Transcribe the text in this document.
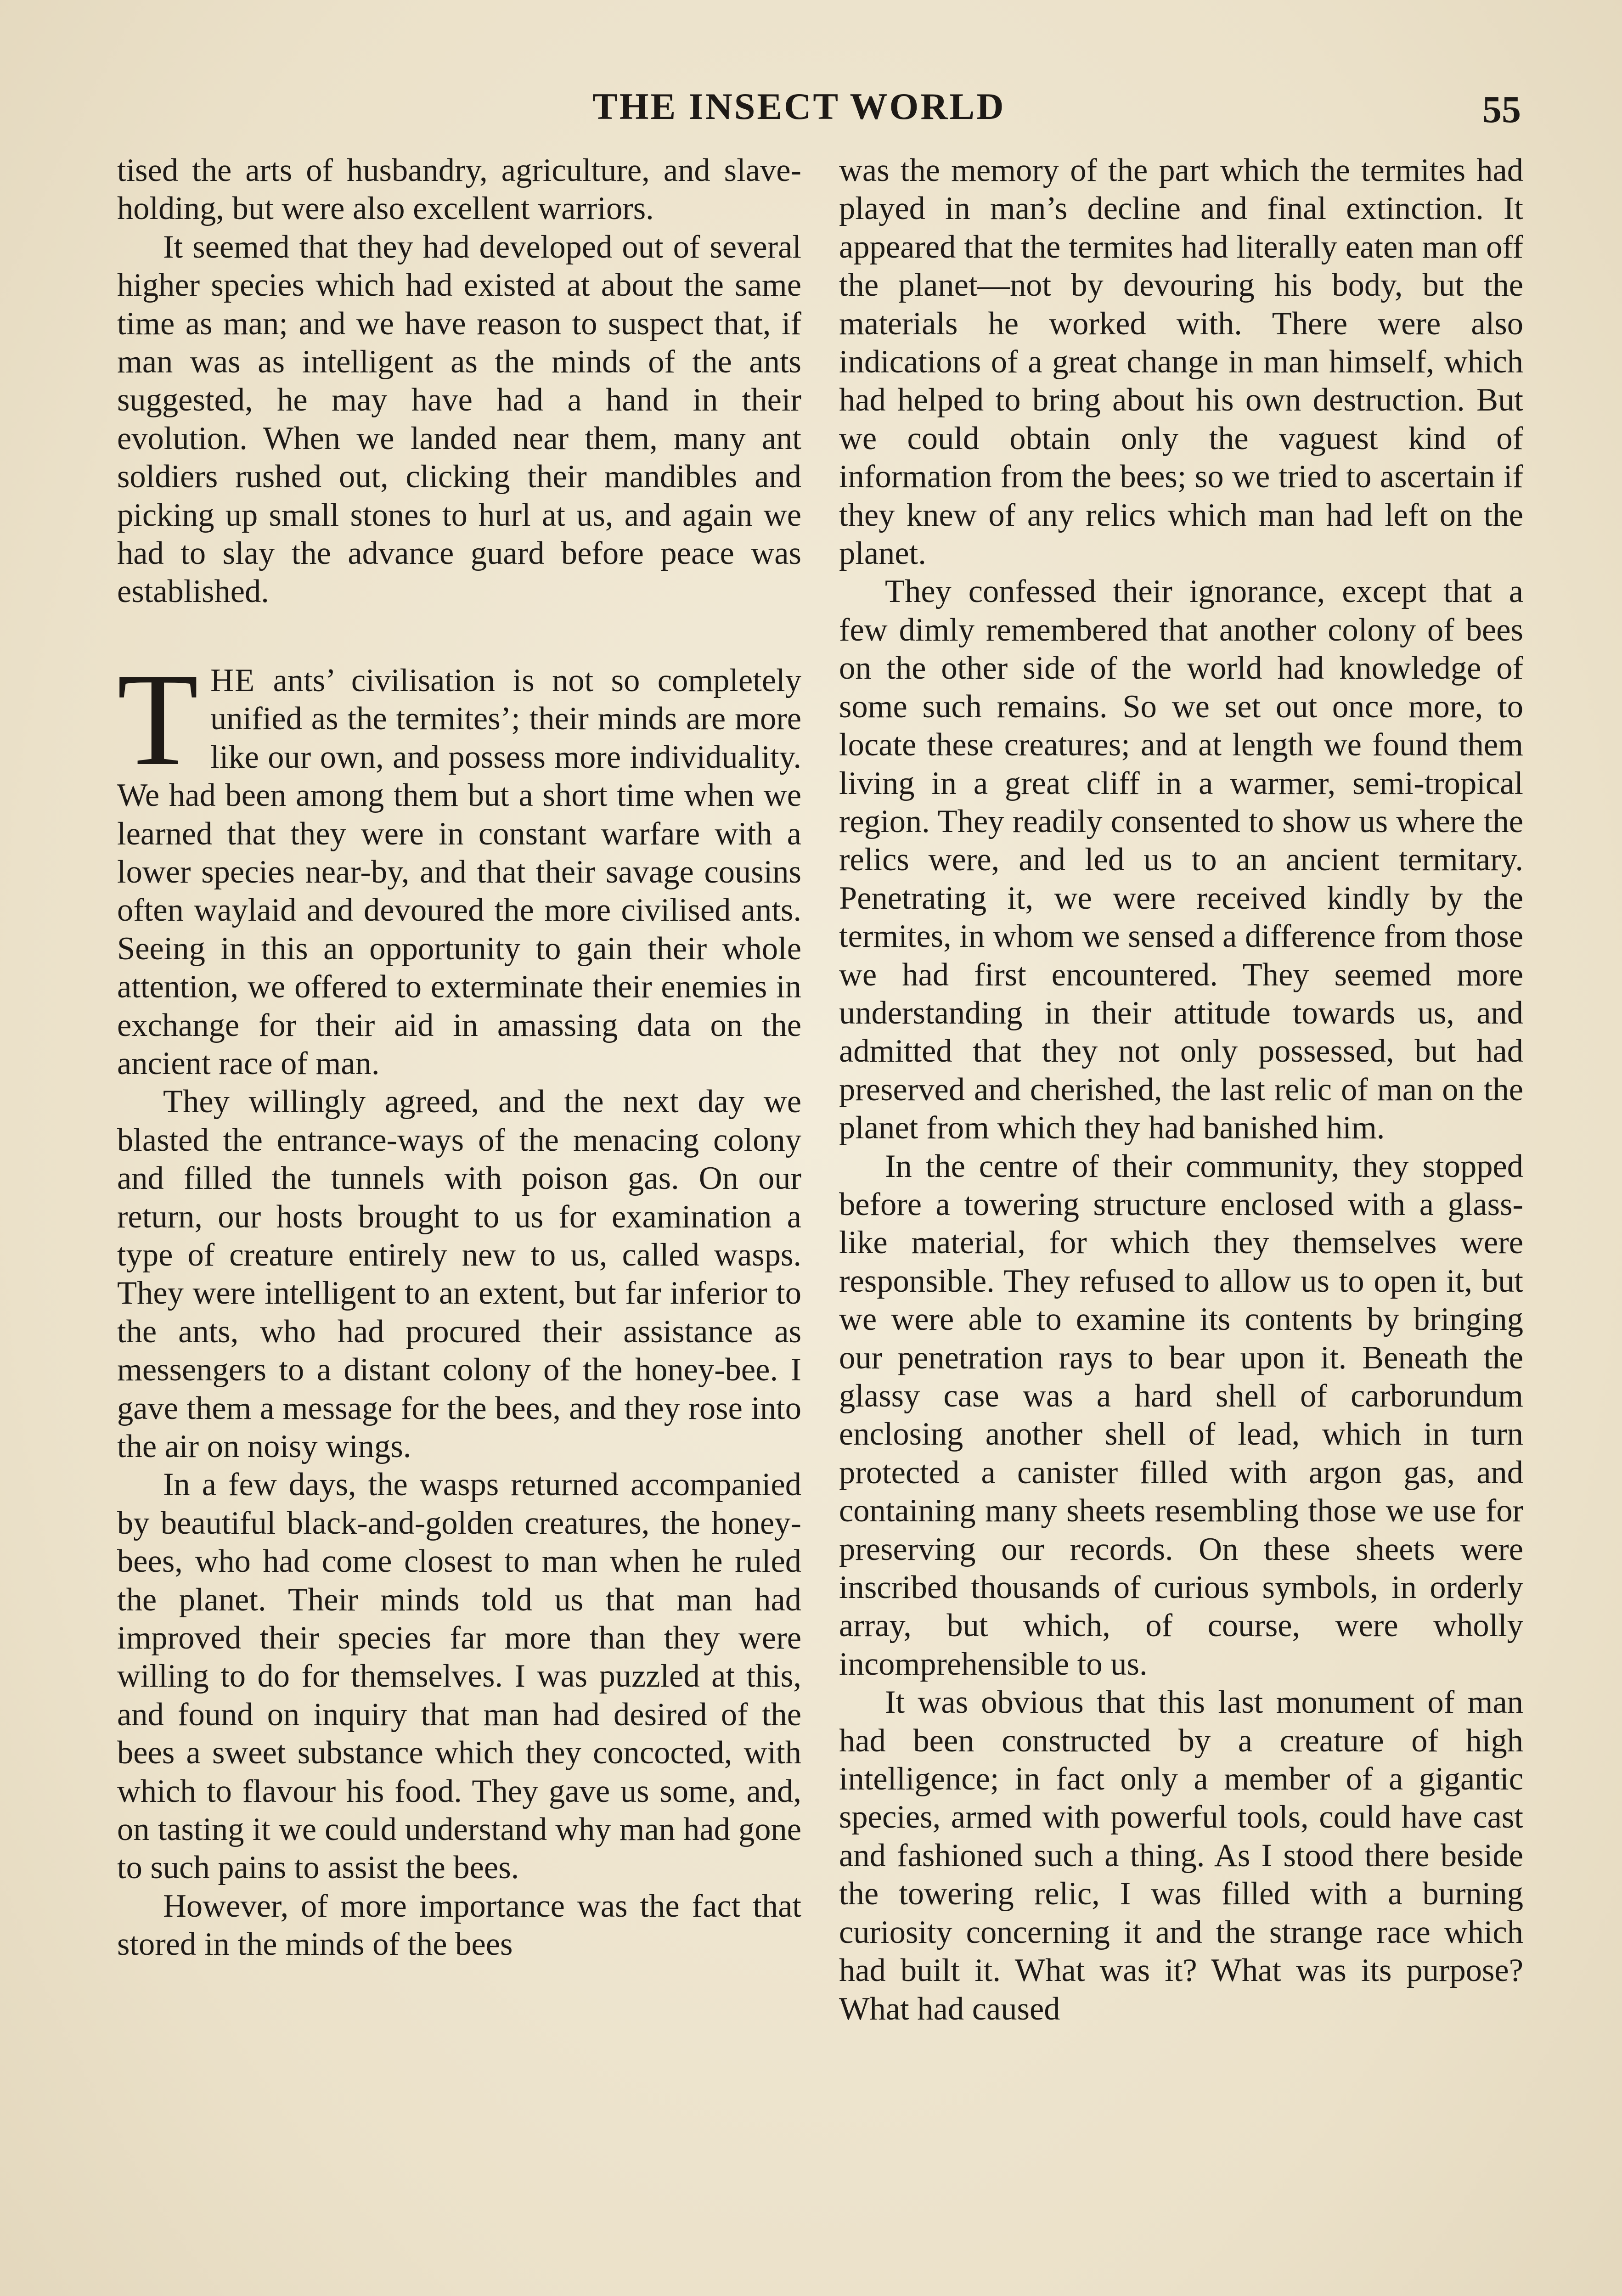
THE INSECT WORLD	55

tised the arts of husbandry, agriculture, and slave-holding, but were also excellent warriors.

It seemed that they had developed out of several higher species which had existed at about the same time as man; and we have reason to suspect that, if man was as intelligent as the minds of the ants suggested, he may have had a hand in their evolution. When we landed near them, many ant soldiers rushed out, clicking their mandibles and picking up small stones to hurl at us, and again we had to slay the advance guard before peace was established.

THE ants’ civilisation is not so completely unified as the termites’; their minds are more like our own, and possess more individuality. We had been among them but a short time when we learned that they were in constant warfare with a lower species near-by, and that their savage cousins often waylaid and devoured the more civilised ants. Seeing in this an opportunity to gain their whole attention, we offered to exterminate their enemies in exchange for their aid in amassing data on the ancient race of man.

They willingly agreed, and the next day we blasted the entrance-ways of the menacing colony and filled the tunnels with poison gas. On our return, our hosts brought to us for examination a type of creature entirely new to us, called wasps. They were intelligent to an extent, but far inferior to the ants, who had procured their assistance as messengers to a distant colony of the honey-bee. I gave them a message for the bees, and they rose into the air on noisy wings.

In a few days, the wasps returned accompanied by beautiful black-and-golden creatures, the honey-bees, who had come closest to man when he ruled the planet. Their minds told us that man had improved their species far more than they were willing to do for themselves. I was puzzled at this, and found on inquiry that man had desired of the bees a sweet substance which they concocted, with which to flavour his food. They gave us some, and, on tasting it we could understand why man had gone to such pains to assist the bees.

However, of more importance was the fact that stored in the minds of the bees

was the memory of the part which the termites had played in man’s decline and final extinction. It appeared that the termites had literally eaten man off the planet—not by devouring his body, but the materials he worked with. There were also indications of a great change in man himself, which had helped to bring about his own destruction. But we could obtain only the vaguest kind of information from the bees; so we tried to ascertain if they knew of any relics which man had left on the planet.

They confessed their ignorance, except that a few dimly remembered that another colony of bees on the other side of the world had knowledge of some such remains. So we set out once more, to locate these creatures; and at length we found them living in a great cliff in a warmer, semi-tropical region. They readily consented to show us where the relics were, and led us to an ancient termitary. Penetrating it, we were received kindly by the termites, in whom we sensed a difference from those we had first encountered. They seemed more understanding in their attitude towards us, and admitted that they not only possessed, but had preserved and cherished, the last relic of man on the planet from which they had banished him.

In the centre of their community, they stopped before a towering structure enclosed with a glass-like material, for which they themselves were responsible. They refused to allow us to open it, but we were able to examine its contents by bringing our penetration rays to bear upon it. Beneath the glassy case was a hard shell of carborundum enclosing another shell of lead, which in turn protected a canister filled with argon gas, and containing many sheets resembling those we use for preserving our records. On these sheets were inscribed thousands of curious symbols, in orderly array, but which, of course, were wholly incomprehensible to us.

It was obvious that this last monument of man had been constructed by a creature of high intelligence; in fact only a member of a gigantic species, armed with powerful tools, could have cast and fashioned such a thing. As I stood there beside the towering relic, I was filled with a burning curiosity concerning it and the strange race which had built it. What was it? What was its purpose? What had caused
